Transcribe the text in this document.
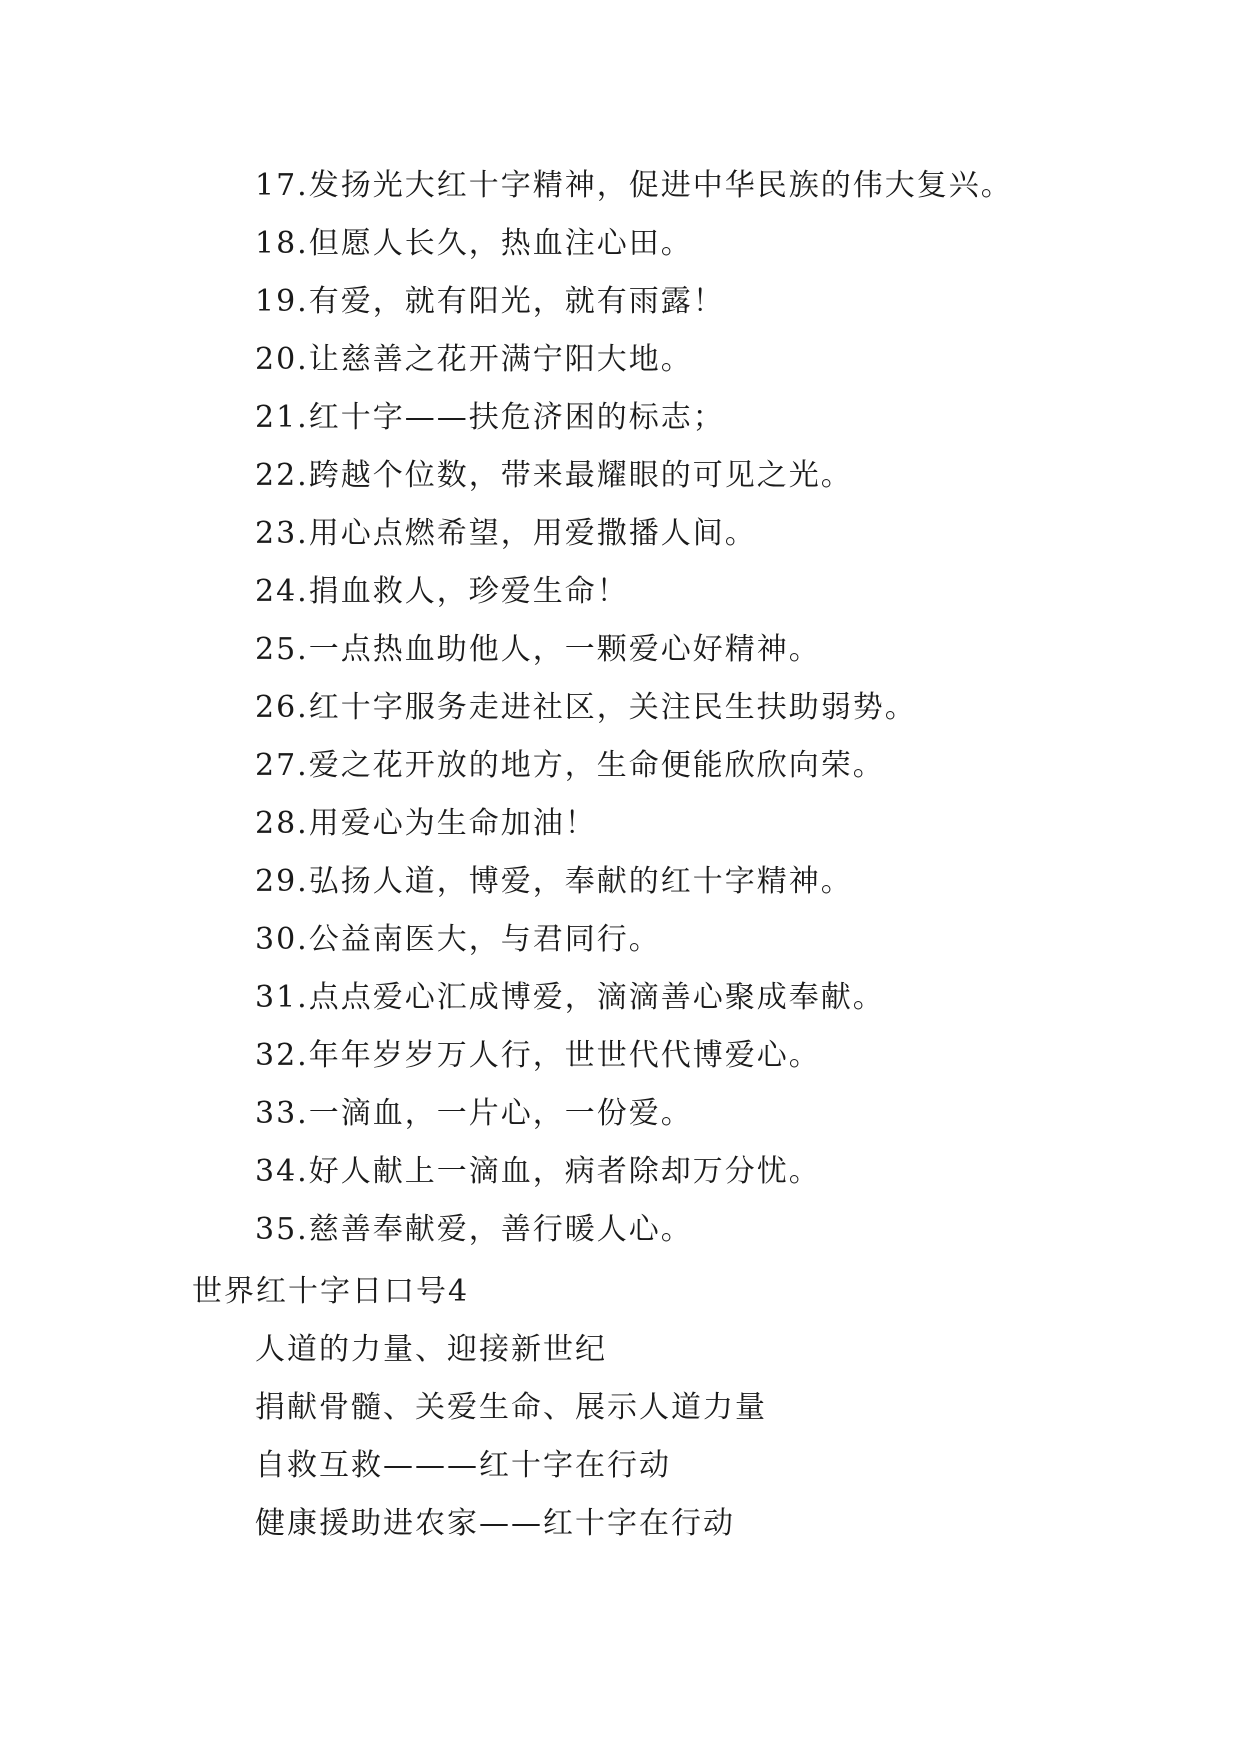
17.发扬光大红十字精神，促进中华民族的伟大复兴。
18.但愿人长久，热血注心田。
19.有爱，就有阳光，就有雨露！
20.让慈善之花开满宁阳大地。
21.红十字——扶危济困的标志；
22.跨越个位数，带来最耀眼的可见之光。
23.用心点燃希望，用爱撒播人间。
24.捐血救人，珍爱生命！
25.一点热血助他人，一颗爱心好精神。
26.红十字服务走进社区，关注民生扶助弱势。
27.爱之花开放的地方，生命便能欣欣向荣。
28.用爱心为生命加油！
29.弘扬人道，博爱，奉献的红十字精神。
30.公益南医大，与君同行。
31.点点爱心汇成博爱，滴滴善心聚成奉献。
32.年年岁岁万人行，世世代代博爱心。
33.一滴血，一片心，一份爱。
34.好人献上一滴血，病者除却万分忧。
35.慈善奉献爱，善行暖人心。
世界红十字日口号4
人道的力量、迎接新世纪
捐献骨髓、关爱生命、展示人道力量
自救互救———红十字在行动
健康援助进农家——红十字在行动
